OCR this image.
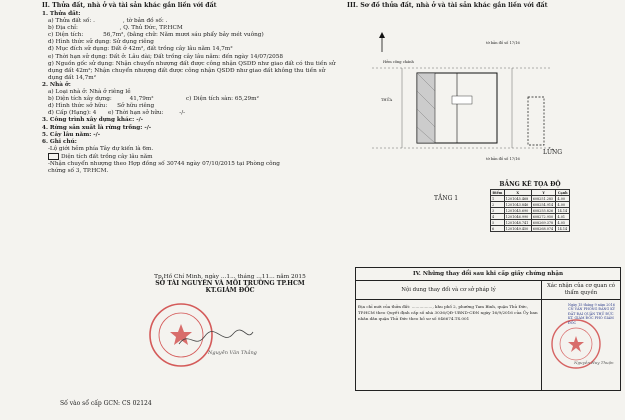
II. Thửa đất, nhà ở và tài sản khác gắn liền với đất
1. Thửa đất:
a) Thửa đất số: .	, tờ bản đồ số: .
b) Địa chỉ:	, Q. Thủ Đức, TP.HCM
c) Diện tích:	56,7m², (bằng chữ: Năm mươi sáu phẩy bảy mét vuông)
d) Hình thức sử dụng: Sử dụng riêng
đ) Mục đích sử dụng: Đất ở 42m², đất trồng cây lâu năm 14,7m²
e) Thời hạn sử dụng: Đất ở: Lâu dài; Đất trồng cây lâu năm: đến ngày 14/07/2058
g) Nguồn gốc sử dụng: Nhận chuyển nhượng đất được công nhận QSDĐ như giao đất có thu tiền sử dụng đất 42m²; Nhận chuyển nhượng đất được công nhận QSDĐ như giao đất không thu tiền sử dụng đất 14,7m²
2. Nhà ở:
a) Loại nhà ở: Nhà ở riêng lẻ
b) Diện tích xây dựng:	41,79m²	c) Diện tích sàn: 65,29m²
d) Hình thức sở hữu: Sở hữu riêng
đ) Cấp (Hạng): 4 e) Thời hạn sở hữu:	-/-
3. Công trình xây dựng khác: -/-
4. Rừng sản xuất là rừng trồng: -/-
5. Cây lâu năm: -/-
6. Ghi chú:
-Lộ giới hẻm phía Tây dự kiến là 6m.
Diện tích đất trồng cây lâu năm
-Nhận chuyển nhượng theo Hợp đồng số 30744 ngày 07/10/2015 tại Phòng công
chứng số 3, TP.HCM.
Tp.Hồ Chí Minh, ngày ...1... tháng ...11... năm 2015
SỞ TÀI NGUYÊN VÀ MÔI TRƯỜNG TP.HCM
KT.GIÁM ĐỐC
Nguyễn Văn Thắng
Số vào sổ cấp GCN: CS 02124
III. Sơ đồ thửa đất, nhà ở và tài sản khác gắn liền với đất
tờ bản đồ số 17/16
tờ bản đồ số 17/16
Hẻm công chánh
THỬA
LỬNG
TẦNG 1
BẢNG KÊ TỌA ĐỘ
Điểm	X	Y	Cạnh
1	1201045.468	608251.285	4.00
2	1201043.846	608254.914	4.00
3	1201045.690	608255.826	14.14
4	1201046.990	608272.950	4.01
5	1201048.741	608269.378	4.05
6	1201049.450	608268.074	14.14
IV. Những thay đổi sau khi cấp giấy chứng nhận
Nội dung thay đổi và cơ sở pháp lý
Xác nhận của cơ quan có thẩm quyền
Địa chỉ mới của thửa đất: ................, khu phố 2, phường Tam Bình, quận Thủ Đức, TP.HCM theo Quyết định cấp số nhà 3036/QĐ-UBND-CĐN ngày 16/9/2016 của Ủy ban nhân dân quận Thủ Đức theo hồ sơ số 046674.TS.001
Ngày 15 tháng 9 năm 2016 CN VĂN PHÒNG ĐĂNG KÝ ĐẤT ĐAI QUẬN THỦ ĐỨC KT. GIÁM ĐỐC PHÓ GIÁM ĐỐC
Nguyễn Huy Thuận
